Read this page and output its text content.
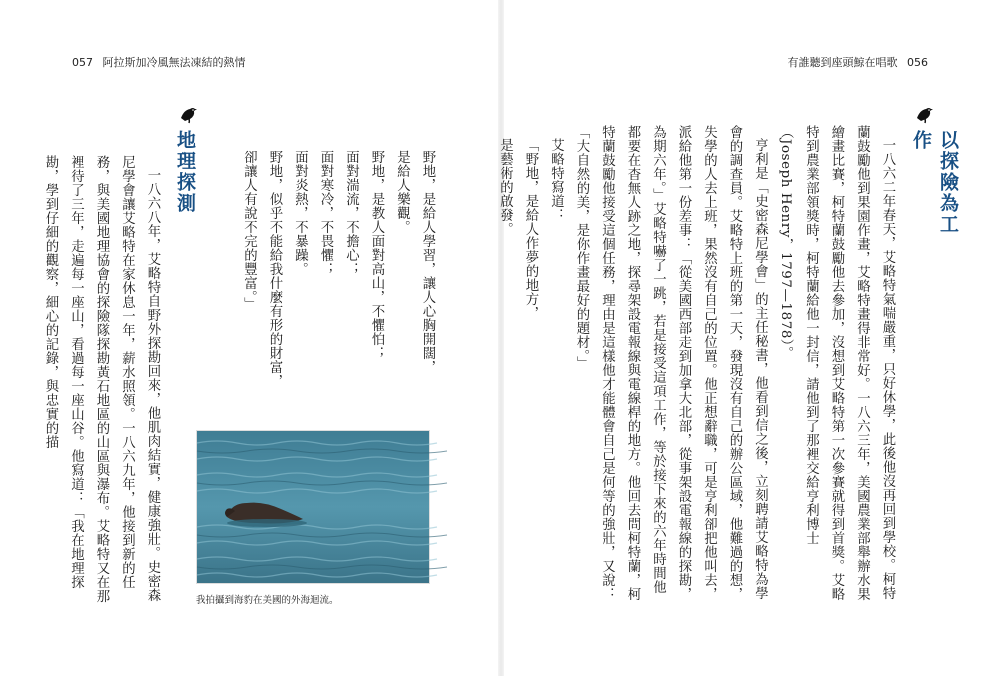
057 阿拉斯加冷風無法凍結的熱情	有誰聽到座頭鯨在唱歌 056
以探險為工作

一八六二年春天，艾略特氣喘嚴重，只好休學，此後他沒再回到學校。柯特蘭鼓勵他到果園作畫，艾略特畫得非常好。一八六三年，美國農業部舉辦水果繪畫比賽，柯特蘭鼓勵他去參加，沒想到艾略特第一次參賽就得到首獎。艾略特到農業部領獎時，柯特蘭給他一封信，請他到了那裡交給亨利博士（Joseph Henry，1797—1878）。

亨利是「史密森尼學會」的主任秘書，他看到信之後，立刻聘請艾略特為學會的調查員。艾略特上班的第一天，發現沒有自己的辦公區域，他難過的想，失學的人去上班，果然沒有自己的位置。他正想辭職，可是亨利卻把他叫去，派給他第一份差事：「從美國西部走到加拿大北部，從事架設電報線的探勘，為期六年。」艾略特嚇了一跳，若是接受這項工作，等於接下來的六年時間他都要在杳無人跡之地，探尋架設電報線與電線桿的地方。他回去問柯特蘭，柯特蘭鼓勵他接受這個任務，理由是這樣他才能體會自己是何等的強壯，又說：「大自然的美，是你作畫最好的題材。」

艾略特寫道：

「野地，是給人作夢的地方，

是藝術的啟發。

野地，是給人學習，讓人心胸開闊，

是給人樂觀。

野地，是教人面對高山，不懼怕；

面對湍流，不擔心；

面對寒冷，不畏懼；

面對炎熱，不暴躁。

野地，似乎不能給我什麼有形的財富，

卻讓人有說不完的豐富。」

地理探測

一八六八年，艾略特自野外探勘回來，他肌肉結實，健康強壯。史密森尼學會讓艾略特在家休息一年，薪水照領。一八六九年，他接到新的任務，與美國地理協會的探險隊探勘黃石地區的山區與瀑布。艾略特又在那裡待了三年，走遍每一座山，看過每一座山谷。他寫道：「我在地理探勘，學到仔細的觀察，細心的記錄，與忠實的描

我拍攝到海豹在美國的外海迴流。
